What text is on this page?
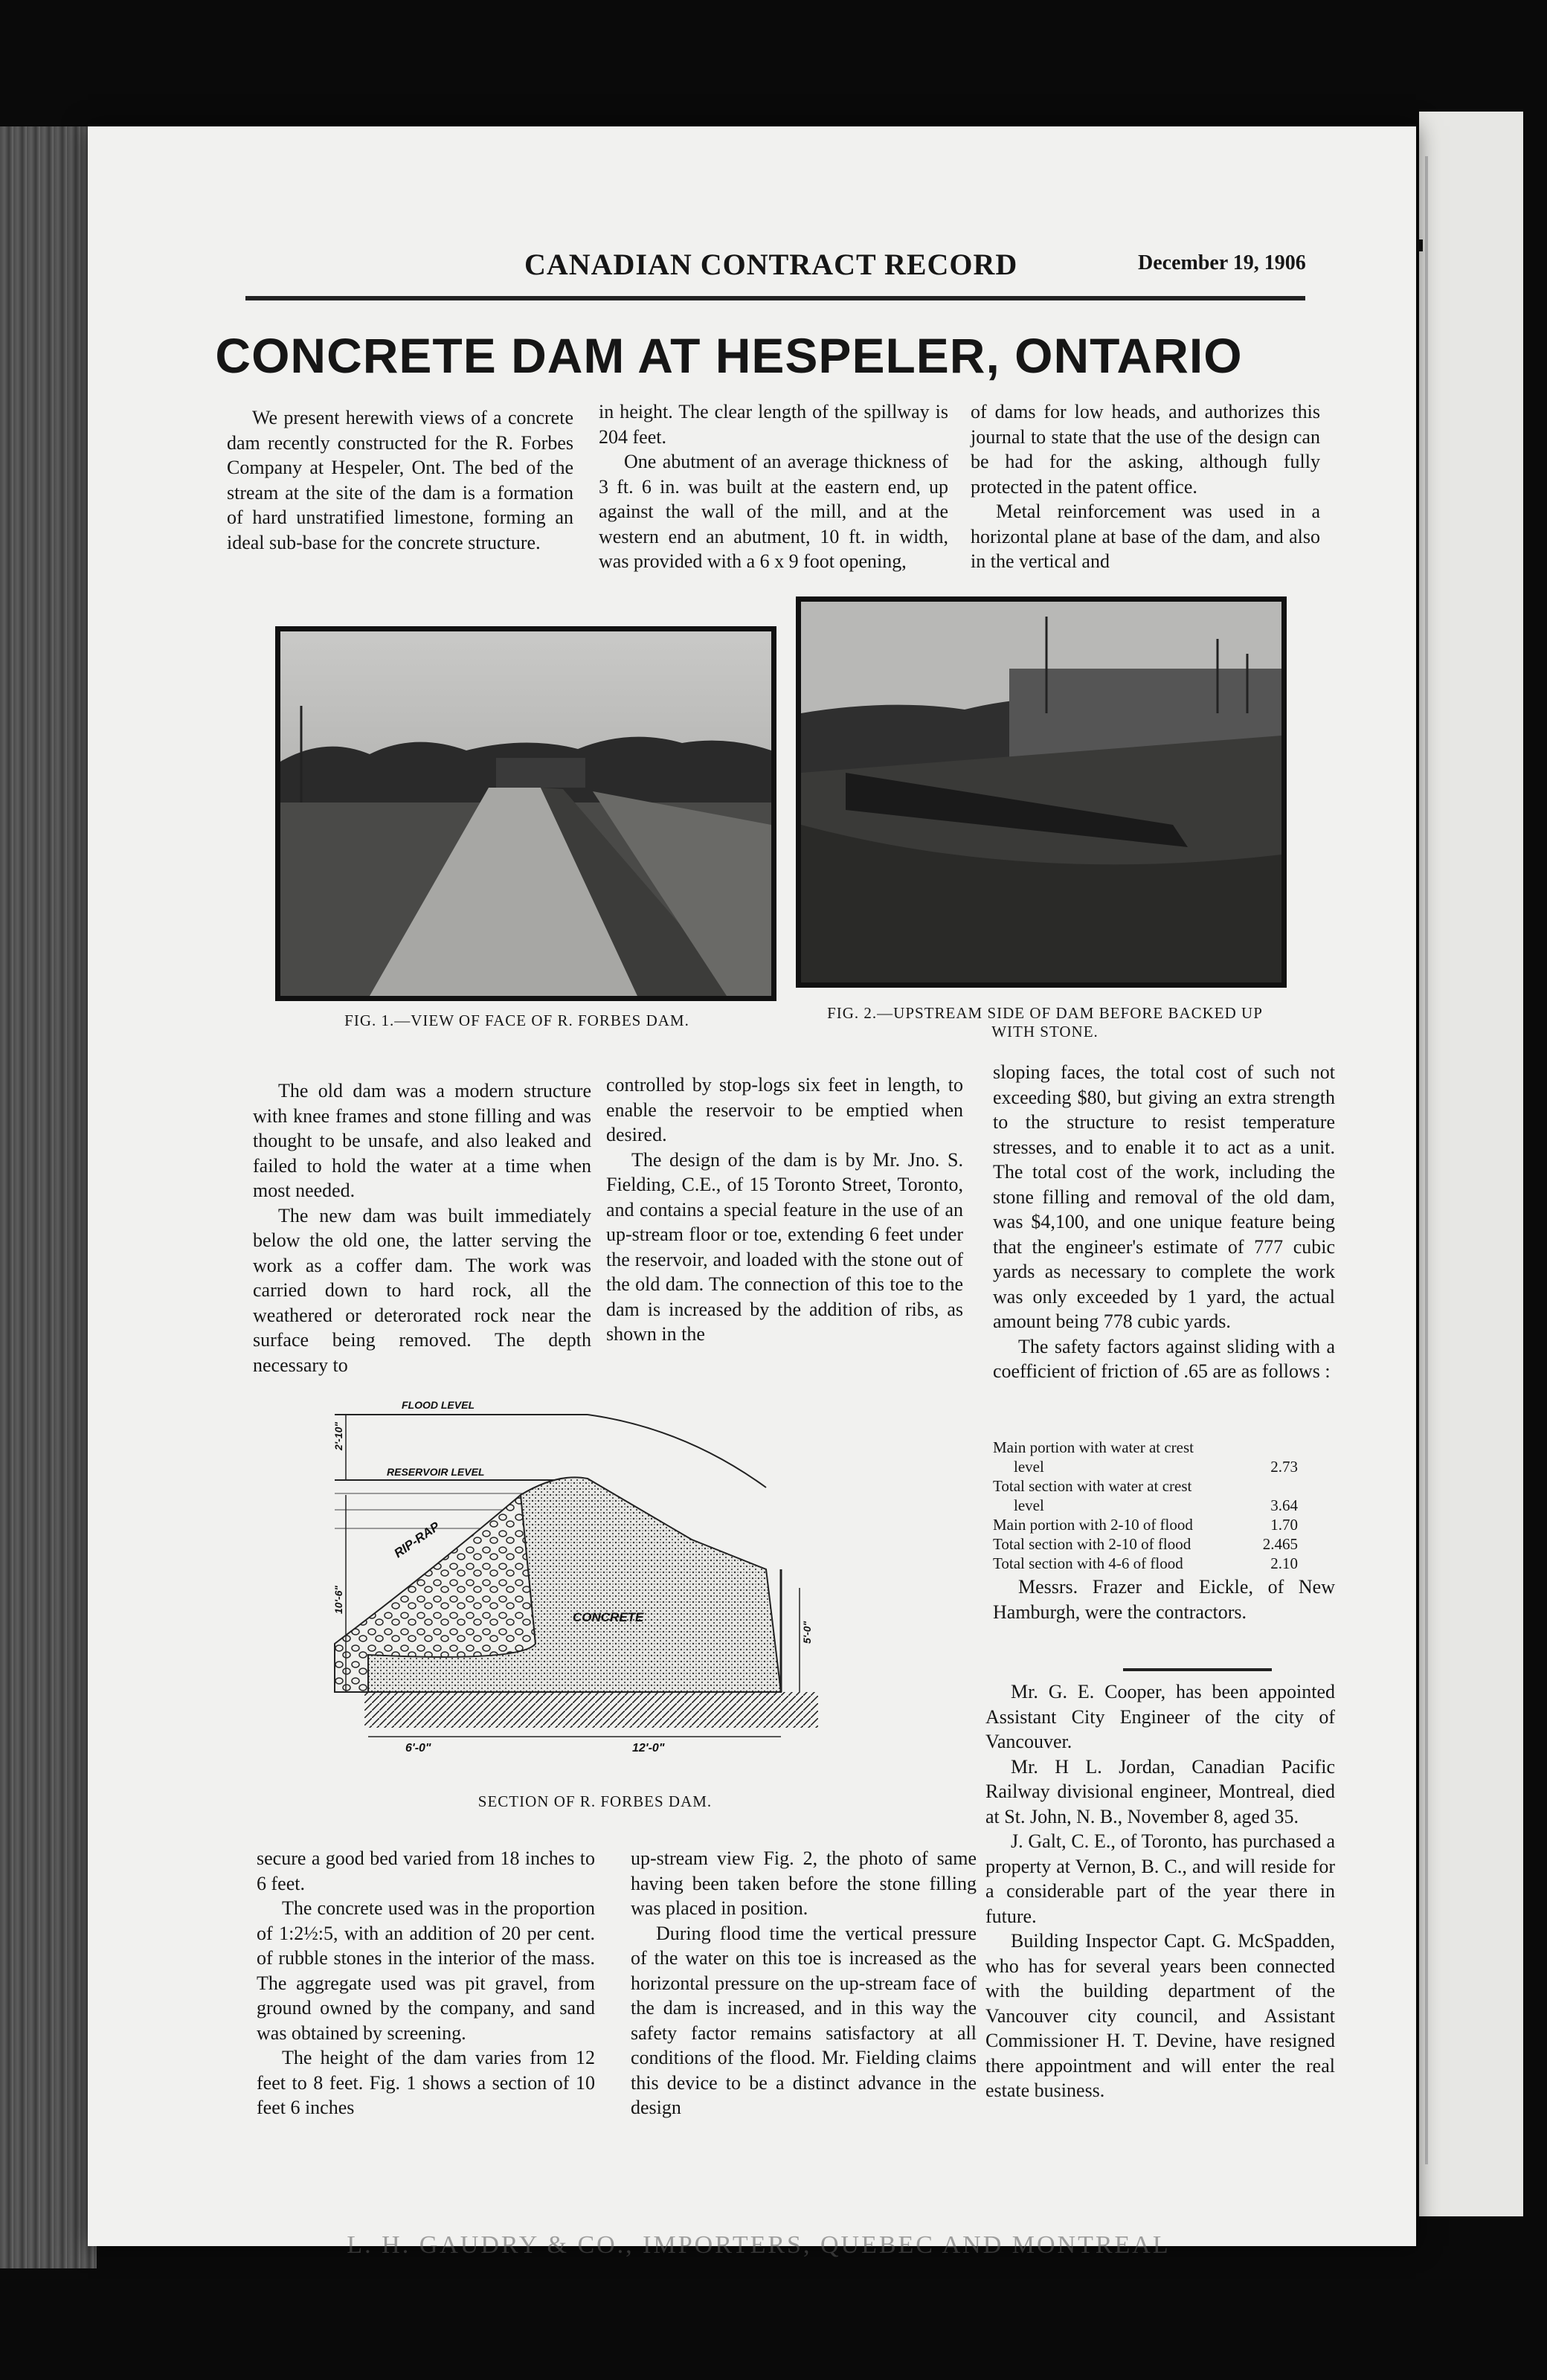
CANADIAN CONTRACT RECORD	December 19, 1906
CONCRETE DAM AT HESPELER, ONTARIO

We present herewith views of a concrete dam recently constructed for the R. Forbes Company at Hespeler, Ont. The bed of the stream at the site of the dam is a formation of hard unstratified limestone, forming an ideal sub-base for the concrete structure.

in height. The clear length of the spillway is 204 feet.

One abutment of an average thickness of 3 ft. 6 in. was built at the eastern end, up against the wall of the mill, and at the western end an abutment, 10 ft. in width, was provided with a 6 x 9 foot opening,

of dams for low heads, and authorizes this journal to state that the use of the design can be had for the asking, although fully protected in the patent office.

Metal reinforcement was used in a horizontal plane at base of the dam, and also in the vertical and

FIG. 1.—VIEW OF FACE OF R. FORBES DAM.	FIG. 2.—UPSTREAM SIDE OF DAM BEFORE BACKED UP WITH STONE.

The old dam was a modern structure with knee frames and stone filling and was thought to be unsafe, and also leaked and failed to hold the water at a time when most needed.

The new dam was built immediately below the old one, the latter serving the work as a coffer dam. The work was carried down to hard rock, all the weathered or deterorated rock near the surface being removed. The depth necessary to

controlled by stop-logs six feet in length, to enable the reservoir to be emptied when desired.

The design of the dam is by Mr. Jno. S. Fielding, C.E., of 15 Toronto Street, Toronto, and contains a special feature in the use of an up-stream floor or toe, extending 6 feet under the reservoir, and loaded with the stone out of the old dam. The connection of this toe to the dam is increased by the addition of ribs, as shown in the

sloping faces, the total cost of such not exceeding $80, but giving an extra strength to the structure to resist temperature stresses, and to enable it to act as a unit. The total cost of the work, including the stone filling and removal of the old dam, was $4,100, and one unique feature being that the engineer's estimate of 777 cubic yards as necessary to complete the work was only exceeded by 1 yard, the actual amount being 778 cubic yards.

The safety factors against sliding with a coefficient of friction of .65 are as follows :

Main portion with water at crest
level	2.73
Total section with water at crest
level	3.64
Main portion with 2-10 of flood	1.70
Total section with 2-10 of flood	2.465
Total section with 4-6 of flood	2.10

Messrs. Frazer and Eickle, of New Hamburgh, were the contractors.

FLOOD LEVEL
RESERVOIR LEVEL
RIP-RAP
CONCRETE
2'-10"
10'-6"
5'-0"
6'-0"	12'-0"
SECTION OF R. FORBES DAM.

secure a good bed varied from 18 inches to 6 feet.

The concrete used was in the proportion of 1:2½:5, with an addition of 20 per cent. of rubble stones in the interior of the mass. The aggregate used was pit gravel, from ground owned by the company, and sand was obtained by screening.

The height of the dam varies from 12 feet to 8 feet. Fig. 1 shows a section of 10 feet 6 inches

up-stream view Fig. 2, the photo of same having been taken before the stone filling was placed in position.

During flood time the vertical pressure of the water on this toe is increased as the horizontal pressure on the up-stream face of the dam is increased, and in this way the safety factor remains satisfactory at all conditions of the flood. Mr. Fielding claims this device to be a distinct advance in the design

Mr. G. E. Cooper, has been appointed Assistant City Engineer of the city of Vancouver.

Mr. H L. Jordan, Canadian Pacific Railway divisional engineer, Montreal, died at St. John, N. B., November 8, aged 35.

J. Galt, C. E., of Toronto, has purchased a property at Vernon, B. C., and will reside for a considerable part of the year there in future.

Building Inspector Capt. G. McSpadden, who has for several years been connected with the building department of the Vancouver city council, and Assistant Commissioner H. T. Devine, have resigned there appointment and will enter the real estate business.

L. H. GAUDRY & CO., IMPORTERS, QUEBEC AND MONTREAL
